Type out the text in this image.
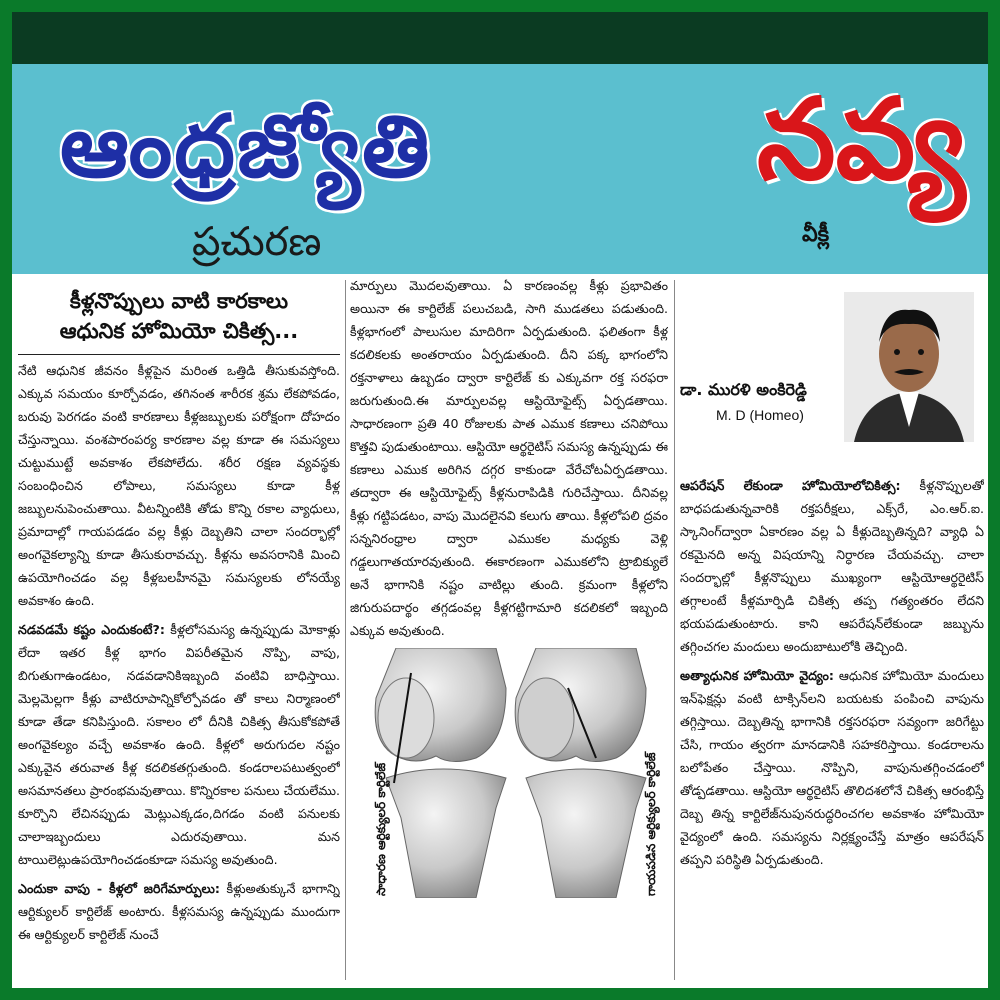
ఆంధ్రజ్యోతి
ప్రచురణ
నవ్య
వీక్లీ
కీళ్లనొప్పులు వాటి కారకాలు
ఆధునిక హోమియో చికిత్స...

నేటి ఆధునిక జీవనం కీళ్లపైన మరింత ఒత్తిడి తీసుకువస్తోంది. ఎక్కువ సమయం కూర్చోవడం, తగినంత శారీరక శ్రమ లేకపోవడం, బరువు పెరగడం వంటి కారణాలు కీళ్లజబ్బులకు పరోక్షంగా దోహదం చేస్తున్నాయి. వంశపారంపర్య కారణాల వల్ల కూడా ఈ సమస్యలు చుట్టుముట్టే అవకాశం లేకపోలేదు. శరీర రక్షణ వ్యవస్థకు సంబంధించిన లోపాలు, సమస్యలు కూడా కీళ్ల జబ్బులనుపెంచుతాయి. వీటన్నింటికి తోడు కొన్ని రకాల వ్యాధులు, ప్రమాదాల్లో గాయపడడం వల్ల కీళ్లు దెబ్బతిని చాలా సందర్భాల్లో అంగవైకల్యాన్ని కూడా తీసుకురావచ్చు. కీళ్లను అవసరానికి మించి ఉపయోగించడం వల్ల కీళ్లబలహీనమై సమస్యలకు లోనయ్యే అవకాశం ఉంది.

నడవడమే కష్టం ఎందుకంటే?: కీళ్లలోసమస్య ఉన్నప్పుడు మోకాళ్లు లేదా ఇతర కీళ్ల భాగం విపరీతమైన నొప్పి, వాపు, బిగుతుగాఉండటం, నడవడానికిఇబ్బంది వంటివి బాధిస్తాయి. మెల్లమెల్లగా కీళ్లు వాటిరూపాన్నికోల్పోవడం తో కాలు నిర్మాణంలో కూడా తేడా కనిపిస్తుంది. సకాలం లో దీనికి చికిత్స తీసుకోకపోతే అంగవైకల్యం వచ్చే అవకాశం ఉంది. కీళ్లలో అరుగుదల నష్టం ఎక్కువైన తరువాత కీళ్ల కదలికతగ్గుతుంది. కండరాలపటుత్వంలో అసమానతలు ప్రారంభమవుతాయి. కొన్నిరకాల పనులు చేయలేము. కూర్చొని లేచినప్పుడు మెట్లుఎక్కడం,దిగడం వంటి పనులకు చాలాఇబ్బందులు ఎదురవుతాయి. మన టాయిలెట్లుఉపయోగించడంకూడా సమస్య అవుతుంది.

ఎందుకా వాపు - కీళ్లలో జరిగేమార్పులు: కీళ్లుఅతుక్కునే భాగాన్ని ఆర్టిక్యులర్ కార్టిలేజ్ అంటారు. కీళ్లసమస్య ఉన్నప్పుడు ముందుగా ఈ ఆర్టిక్యులర్ కార్టిలేజ్ నుంచే

మార్పులు మొదలవుతాయి. ఏ కారణంవల్ల కీళ్లు ప్రభావితం అయినా ఈ కార్టిలేజ్ పలుచబడి, సాగి ముడతలు పడుతుంది. కీళ్లభాగంలో పాలుసుల మాదిరిగా ఏర్పడుతుంది. ఫలితంగా కీళ్ల కదలికలకు అంతరాయం ఏర్పడుతుంది. దీని పక్క భాగంలోని రక్తనాళాలు ఉబ్బడం ద్వారా కార్టిలేజ్ కు ఎక్కువగా రక్త సరఫరా జరుగుతుంది.ఈ మార్పులవల్ల ఆస్టియోఫైట్స్ ఏర్పడతాయి. సాధారణంగా ప్రతి 40 రోజులకు పాత ఎముక కణాలు చనిపోయి కొత్తవి పుడుతుంటాయి. ఆస్టియో ఆర్థరైటిస్ సమస్య ఉన్నప్పుడు ఈ కణాలు ఎముక అరిగిన దగ్గర కాకుండా వేరేచోటఏర్పడతాయి. తద్వారా ఈ ఆస్టియోఫైట్స్ కీళ్లనురాపిడికి గురిచేస్తాయి. దీనివల్ల కీళ్లు గట్టిపడటం, వాపు మొదలైనవి కలుగు తాయి. కీళ్లలోపలి ద్రవం సన్ననిరంధ్రాల ద్వారా ఎముకల మధ్యకు వెళ్లి గడ్డలుగాతయారవుతుంది. ఈకారణంగా ఎముకలోని ట్రాబిక్యులే అనే భాగానికి నష్టం వాటిల్లు తుంది. క్రమంగా కీళ్లలోని జిగురుపదార్థం తగ్గడంవల్ల కీళ్లగట్టిగామారి కదలికలో ఇబ్బంది ఎక్కువ అవుతుంది.

సాధారణ ఆర్టిక్యులర్ కార్టిలేజ్	గాయపడిన ఆర్టిక్యులర్ కార్టిలేజ్
డా. మురళి అంకిరెడ్డి
M. D (Homeo)

ఆపరేషన్ లేకుండా హోమియోలోచికిత్స: కీళ్లనొప్పులతో బాధపడుతున్నవారికి రక్తపరీక్షలు, ఎక్స్‌రే, ఎం.ఆర్.ఐ. స్కానింగ్‌ద్వారా ఏకారణం వల్ల ఏ కీళ్లుదెబ్బతిన్నది? వ్యాధి ఏ రకమైనది అన్న విషయాన్ని నిర్ధారణ చేయవచ్చు. చాలా సందర్భాల్లో కీళ్లనొప్పులు ముఖ్యంగా ఆస్టియోఆర్థరైటిస్ తగ్గాలంటే కీళ్లమార్పిడి చికిత్స తప్ప గత్యంతరం లేదని భయపడుతుంటారు. కాని ఆపరేషన్‌లేకుండా జబ్బును తగ్గించగల మందులు అందుబాటులోకి తెచ్చింది.

అత్యాధునిక హోమియో వైద్యం: ఆధునిక హోమియో మందులు ఇన్‌ఫెక్షన్లు వంటి టాక్సిన్‌లని బయటకు పంపించి వాపును తగ్గిస్తాయి. దెబ్బతిన్న భాగానికి రక్తసరఫరా సవ్యంగా జరిగేట్టు చేసి, గాయం త్వరగా మానడానికి సహకరిస్తాయి. కండరాలను బలోపేతం చేస్తాయి. నొప్పిని, వాపునుతగ్గించడంలో తోడ్పడతాయి. ఆస్టియో ఆర్థరైటిస్ తొలిదశలోనే చికిత్స ఆరంభిస్తే దెబ్బ తిన్న కార్టిలేజ్‌నుపునరుద్ధరించగల అవకాశం హోమియో వైద్యంలో ఉంది. సమస్యను నిర్లక్ష్యంచేస్తే మాత్రం ఆపరేషన్ తప్పని పరిస్థితి ఏర్పడుతుంది.
